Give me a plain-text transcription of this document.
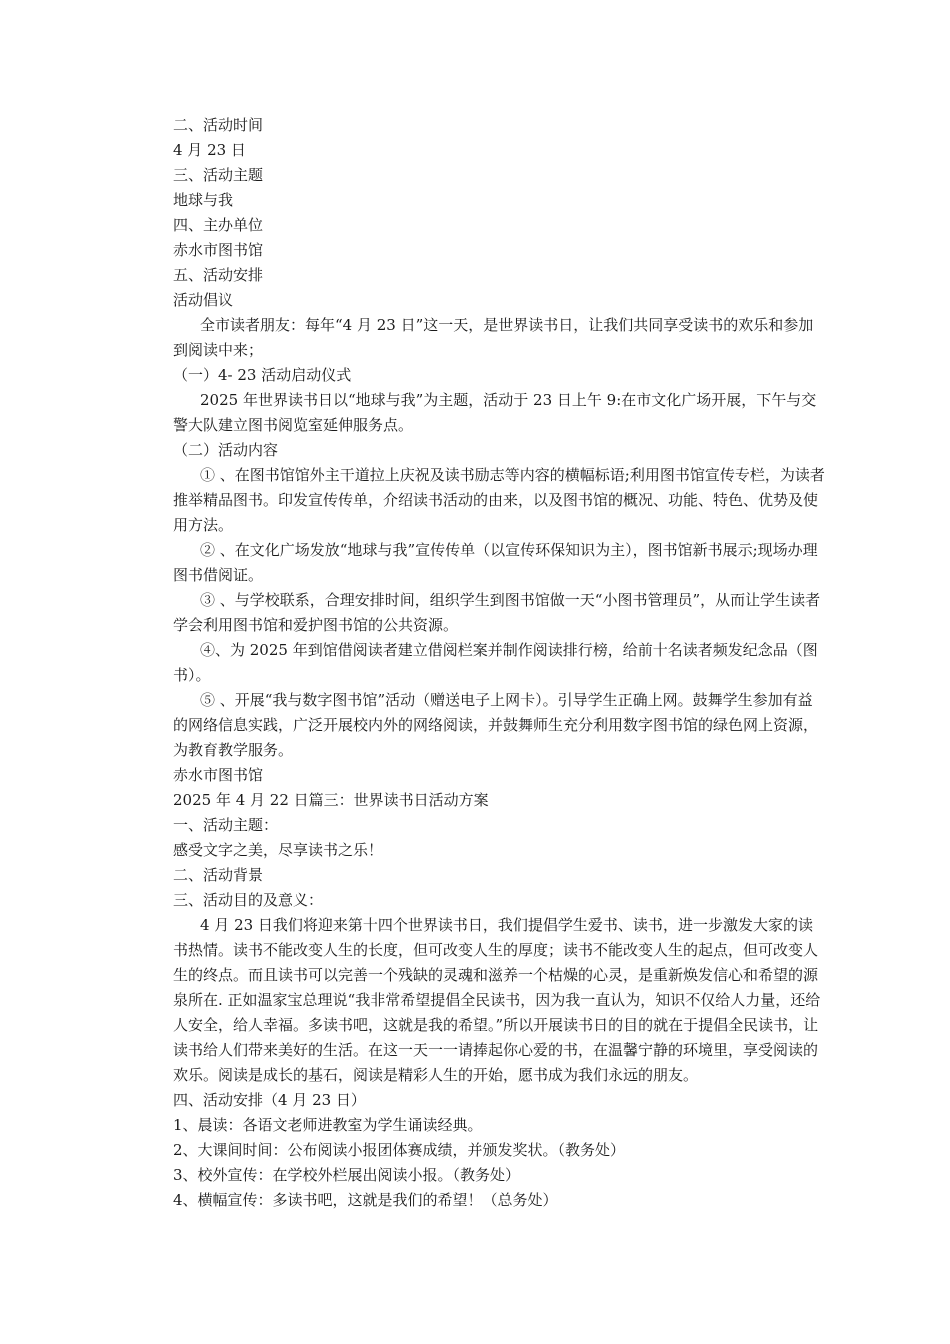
二、活动时间

4 月 23 日

三、活动主题

地球与我

四、主办单位

赤水市图书馆

五、活动安排

活动倡议

全市读者朋友：每年“4 月 23 日”这一天，是世界读书日，让我们共同享受读书的欢乐和参加到阅读中来；

（一）4- 23 活动启动仪式

2025 年世界读书日以“地球与我”为主题，活动于 23 日上午 9:在市文化广场开展，下午与交警大队建立图书阅览室延伸服务点。

（二）活动内容

① 、在图书馆馆外主干道拉上庆祝及读书励志等内容的横幅标语;利用图书馆宣传专栏，为读者推举精品图书。印发宣传传单，介绍读书活动的由来，以及图书馆的概况、功能、特色、优势及使用方法。

② 、在文化广场发放“地球与我”宣传传单（以宣传环保知识为主），图书馆新书展示;现场办理图书借阅证。

③ 、与学校联系，合理安排时间，组织学生到图书馆做一天“小图书管理员”，从而让学生读者学会利用图书馆和爱护图书馆的公共资源。

④、为 2025 年到馆借阅读者建立借阅栏案并制作阅读排行榜，给前十名读者频发纪念品（图书）。

⑤ 、开展“我与数字图书馆”活动（赠送电子上网卡）。引导学生正确上网。鼓舞学生参加有益的网络信息实践，广泛开展校内外的网络阅读，并鼓舞师生充分利用数字图书馆的绿色网上资源，为教育教学服务。

赤水市图书馆

2025 年 4 月 22 日篇三：世界读书日活动方案

一、活动主题：

感受文字之美，尽享读书之乐！

二、活动背景

三、活动目的及意义：

4 月 23 日我们将迎来第十四个世界读书日，我们提倡学生爱书、读书，进一步激发大家的读书热情。读书不能改变人生的长度，但可改变人生的厚度；读书不能改变人生的起点，但可改变人生的终点。而且读书可以完善一个残缺的灵魂和滋养一个枯燥的心灵，是重新焕发信心和希望的源泉所在. 正如温家宝总理说“我非常希望提倡全民读书，因为我一直认为，知识不仅给人力量，还给人安全，给人幸福。多读书吧，这就是我的希望。”所以开展读书日的目的就在于提倡全民读书，让读书给人们带来美好的生活。在这一天一一请捧起你心爱的书，在温馨宁静的环境里，享受阅读的欢乐。阅读是成长的基石，阅读是精彩人生的开始，愿书成为我们永远的朋友。

四、活动安排（4 月 23 日）

1、晨读：各语文老师进教室为学生诵读经典。

2、大课间时间：公布阅读小报团体赛成绩，并颁发奖状。（教务处）

3、校外宣传：在学校外栏展出阅读小报。（教务处）

4、横幅宣传：多读书吧，这就是我们的希望！（总务处）
